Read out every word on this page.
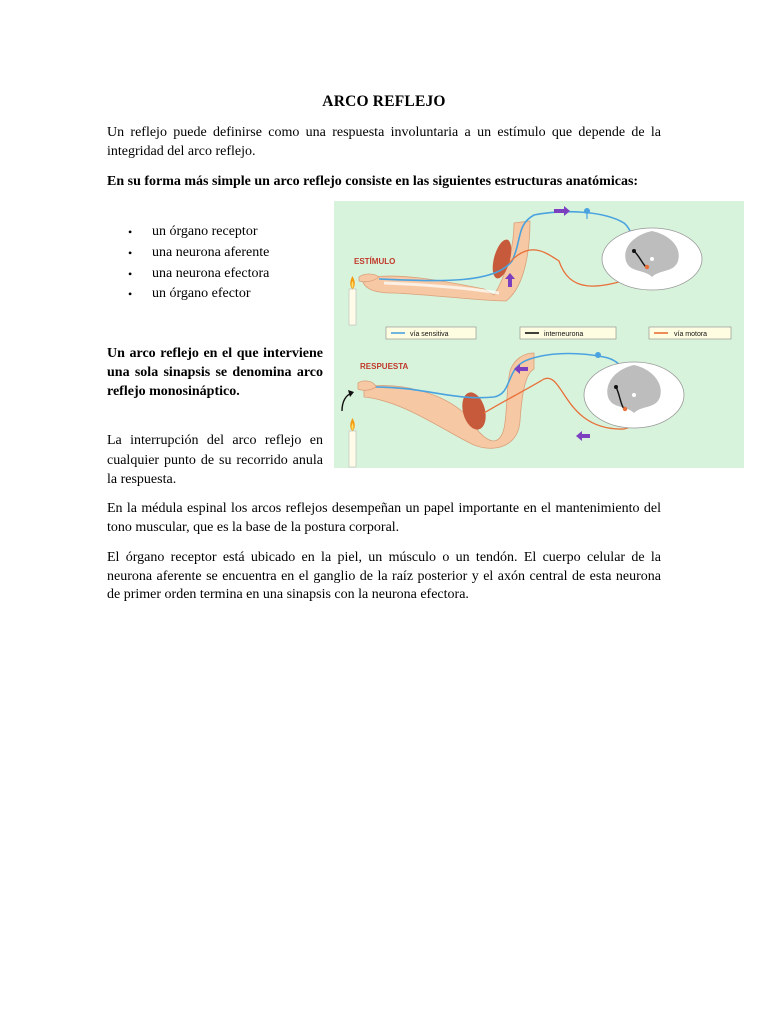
ARCO REFLEJO
Un reflejo puede definirse como una respuesta involuntaria a un estímulo que depende de la integridad del arco reflejo.
En su forma más simple un arco reflejo consiste en las siguientes estructuras anatómicas:
• un órgano receptor
• una neurona aferente
• una neurona efectora
• un órgano efector
Un arco reflejo en el que interviene una sola sinapsis se denomina arco reflejo monosináptico.
La interrupción del arco reflejo en cualquier punto de su recorrido anula la respuesta.
En la médula espinal los arcos reflejos desempeñan un papel importante en el mantenimiento del tono muscular, que es la base de la postura corporal.
El órgano receptor está ubicado en la piel, un músculo o un tendón. El cuerpo celular de la neurona aferente se encuentra en el ganglio de la raíz posterior y el axón central de esta neurona de primer orden termina en una sinapsis con la neurona efectora.
ESTÍMULO
vía sensitiva	interneurona	vía motora
RESPUESTA
